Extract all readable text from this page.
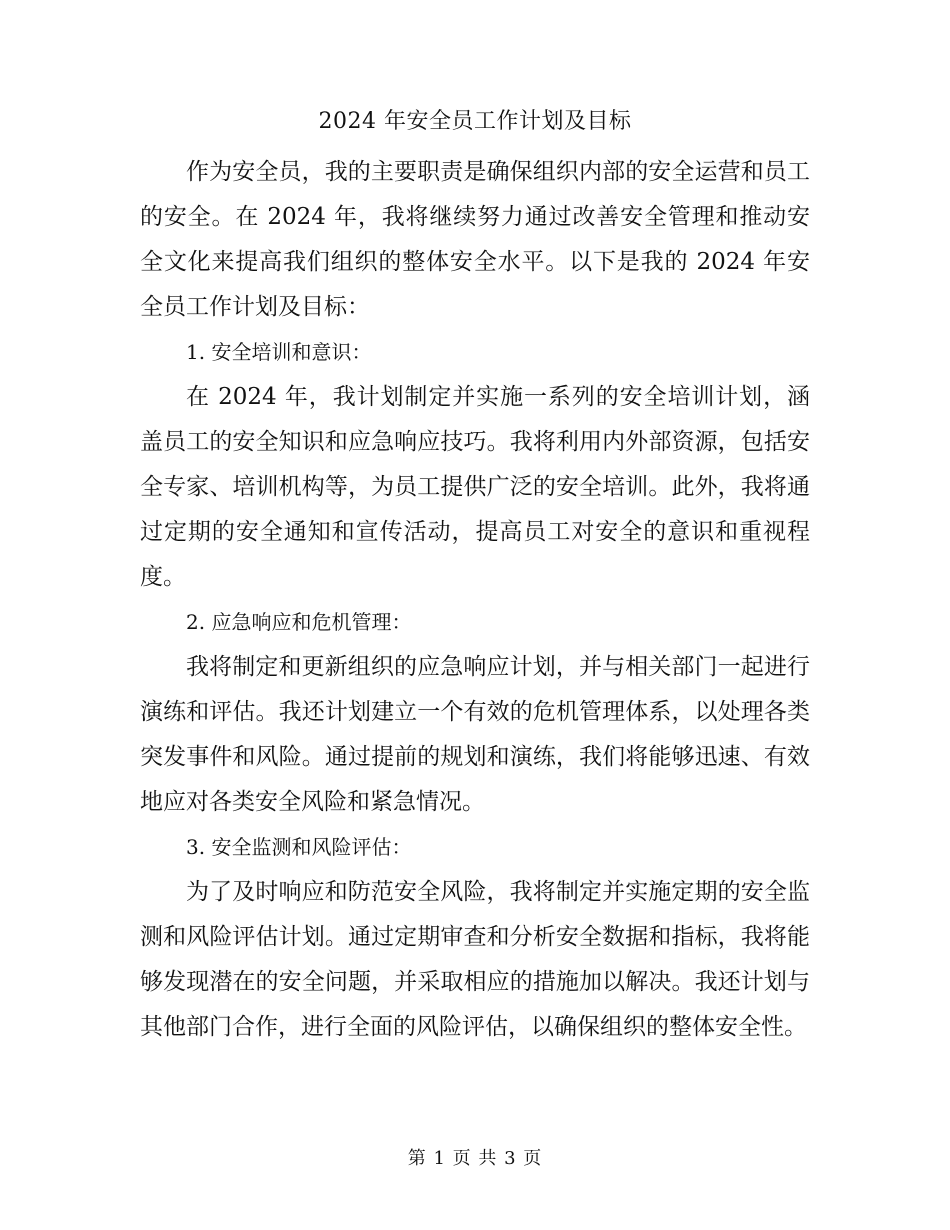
2024 年安全员工作计划及目标

作为安全员，我的主要职责是确保组织内部的安全运营和员工的安全。在 2024 年，我将继续努力通过改善安全管理和推动安全文化来提高我们组织的整体安全水平。以下是我的 2024 年安全员工作计划及目标：

1. 安全培训和意识：

在 2024 年，我计划制定并实施一系列的安全培训计划，涵盖员工的安全知识和应急响应技巧。我将利用内外部资源，包括安全专家、培训机构等，为员工提供广泛的安全培训。此外，我将通过定期的安全通知和宣传活动，提高员工对安全的意识和重视程度。

2. 应急响应和危机管理：

我将制定和更新组织的应急响应计划，并与相关部门一起进行演练和评估。我还计划建立一个有效的危机管理体系，以处理各类突发事件和风险。通过提前的规划和演练，我们将能够迅速、有效地应对各类安全风险和紧急情况。

3. 安全监测和风险评估：

为了及时响应和防范安全风险，我将制定并实施定期的安全监测和风险评估计划。通过定期审查和分析安全数据和指标，我将能够发现潜在的安全问题，并采取相应的措施加以解决。我还计划与其他部门合作，进行全面的风险评估，以确保组织的整体安全性。

第 1 页 共 3 页
